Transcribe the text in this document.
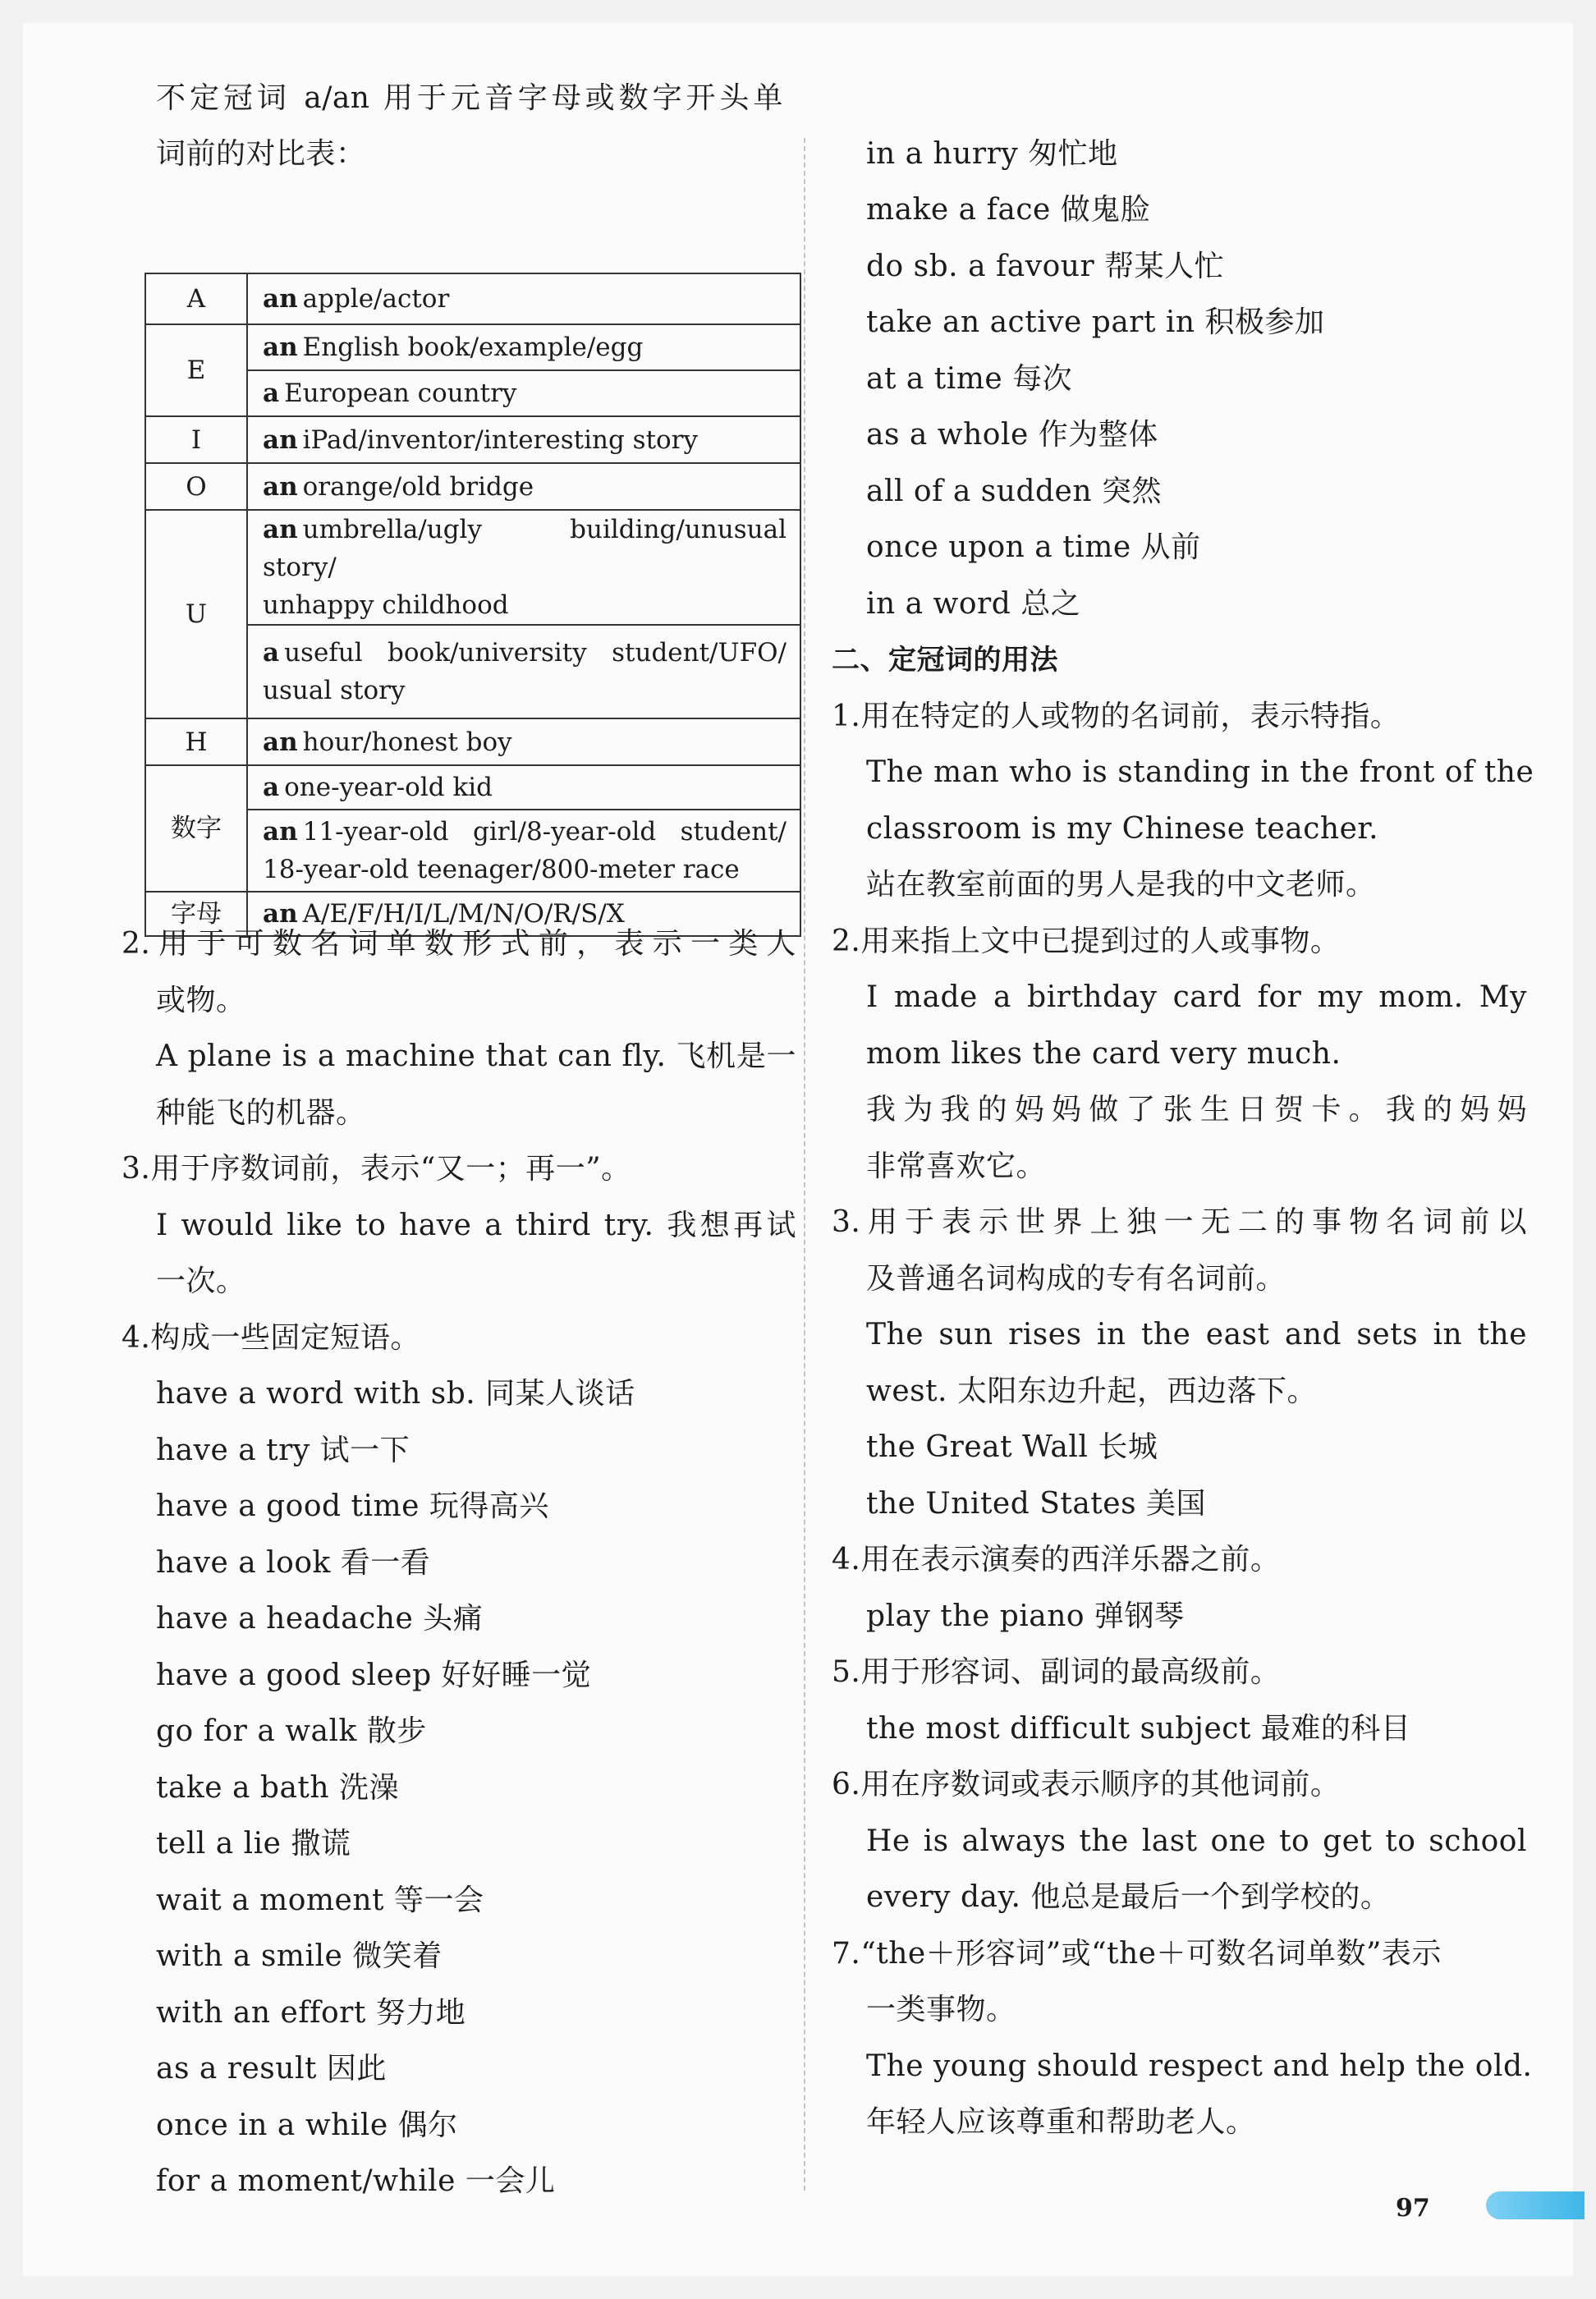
不定冠词 a/an 用于元音字母或数字开头单
词前的对比表：
A	an apple/actor
E	an English book/example/egg
	a European country
I	an iPad/inventor/interesting story
O	an orange/old bridge
U	an umbrella/ugly building/unusual story/
unhappy childhood

	a useful book/university student/UFO/
usual story
H	an hour/honest boy
数字	a one-year-old kid

	an 11-year-old girl/8-year-old student/
18-year-old teenager/800-meter race
字母	an A/E/F/H/I/L/M/N/O/R/S/X
2.用于可数名词单数形式前，表示一类人
或物。
A plane is a machine that can fly. 飞机是一
种能飞的机器。
3.用于序数词前，表示“又一；再一”。
I would like to have a third try. 我想再试
一次。
4.构成一些固定短语。
have a word with sb. 同某人谈话
have a try 试一下
have a good time 玩得高兴
have a look 看一看
have a headache 头痛
have a good sleep 好好睡一觉
go for a walk 散步
take a bath 洗澡
tell a lie 撒谎
wait a moment 等一会
with a smile 微笑着
with an effort 努力地
as a result 因此
once in a while 偶尔
for a moment/while 一会儿
in a hurry 匆忙地
make a face 做鬼脸
do sb. a favour 帮某人忙
take an active part in 积极参加
at a time 每次
as a whole 作为整体
all of a sudden 突然
once upon a time 从前
in a word 总之
二、定冠词的用法
1.用在特定的人或物的名词前，表示特指。
The man who is standing in the front of the
classroom is my Chinese teacher.
站在教室前面的男人是我的中文老师。
2.用来指上文中已提到过的人或事物。
I made a birthday card for my mom. My
mom likes the card very much.
我为我的妈妈做了张生日贺卡。我的妈妈
非常喜欢它。
3.用于表示世界上独一无二的事物名词前以
及普通名词构成的专有名词前。
The sun rises in the east and sets in the
west. 太阳东边升起，西边落下。
the Great Wall 长城
the United States 美国
4.用在表示演奏的西洋乐器之前。
play the piano 弹钢琴
5.用于形容词、副词的最高级前。
the most difficult subject 最难的科目
6.用在序数词或表示顺序的其他词前。
He is always the last one to get to school
every day. 他总是最后一个到学校的。
7.“the＋形容词”或“the＋可数名词单数”表示
一类事物。
The young should respect and help the old.
年轻人应该尊重和帮助老人。
97
